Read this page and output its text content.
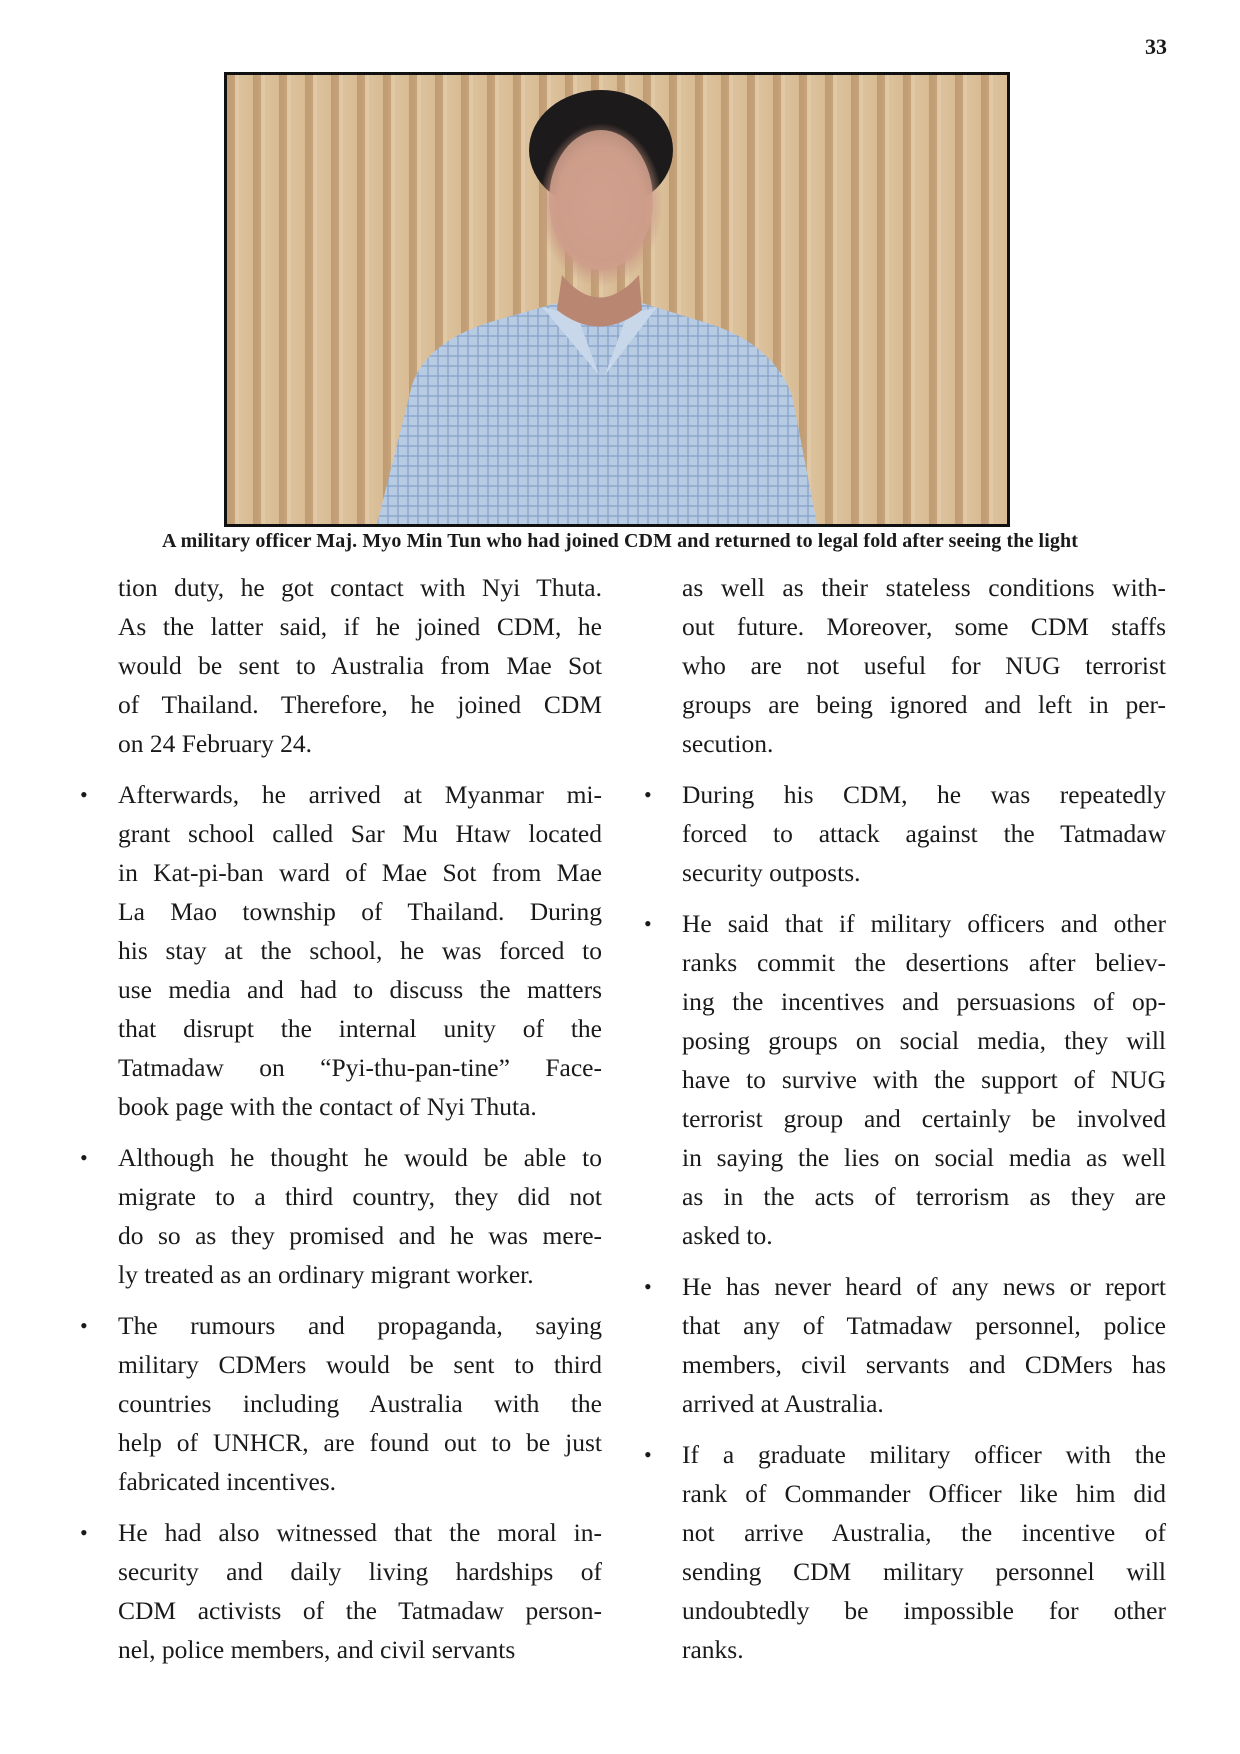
33
A military officer Maj. Myo Min Tun who had joined CDM and returned to legal fold after seeing the light
tion duty, he got contact with Nyi Thuta.
As the latter said, if he joined CDM, he
would be sent to Australia from Mae Sot
of Thailand. Therefore, he joined CDM
on 24 February 24.
• Afterwards, he arrived at Myanmar mi-
grant school called Sar Mu Htaw located
in Kat-pi-ban ward of Mae Sot from Mae
La Mao township of Thailand. During
his stay at the school, he was forced to
use media and had to discuss the matters
that disrupt the internal unity of the
Tatmadaw on “Pyi-thu-pan-tine” Face-
book page with the contact of Nyi Thuta.
• Although he thought he would be able to
migrate to a third country, they did not
do so as they promised and he was mere-
ly treated as an ordinary migrant worker.
• The rumours and propaganda, saying
military CDMers would be sent to third
countries including Australia with the
help of UNHCR, are found out to be just
fabricated incentives.
• He had also witnessed that the moral in-
security and daily living hardships of
CDM activists of the Tatmadaw person-
nel, police members, and civil servants
as well as their stateless conditions with-
out future. Moreover, some CDM staffs
who are not useful for NUG terrorist
groups are being ignored and left in per-
secution.
• During his CDM, he was repeatedly
forced to attack against the Tatmadaw
security outposts.
• He said that if military officers and other
ranks commit the desertions after believ-
ing the incentives and persuasions of op-
posing groups on social media, they will
have to survive with the support of NUG
terrorist group and certainly be involved
in saying the lies on social media as well
as in the acts of terrorism as they are
asked to.
• He has never heard of any news or report
that any of Tatmadaw personnel, police
members, civil servants and CDMers has
arrived at Australia.
• If a graduate military officer with the
rank of Commander Officer like him did
not arrive Australia, the incentive of
sending CDM military personnel will
undoubtedly be impossible for other
ranks.
